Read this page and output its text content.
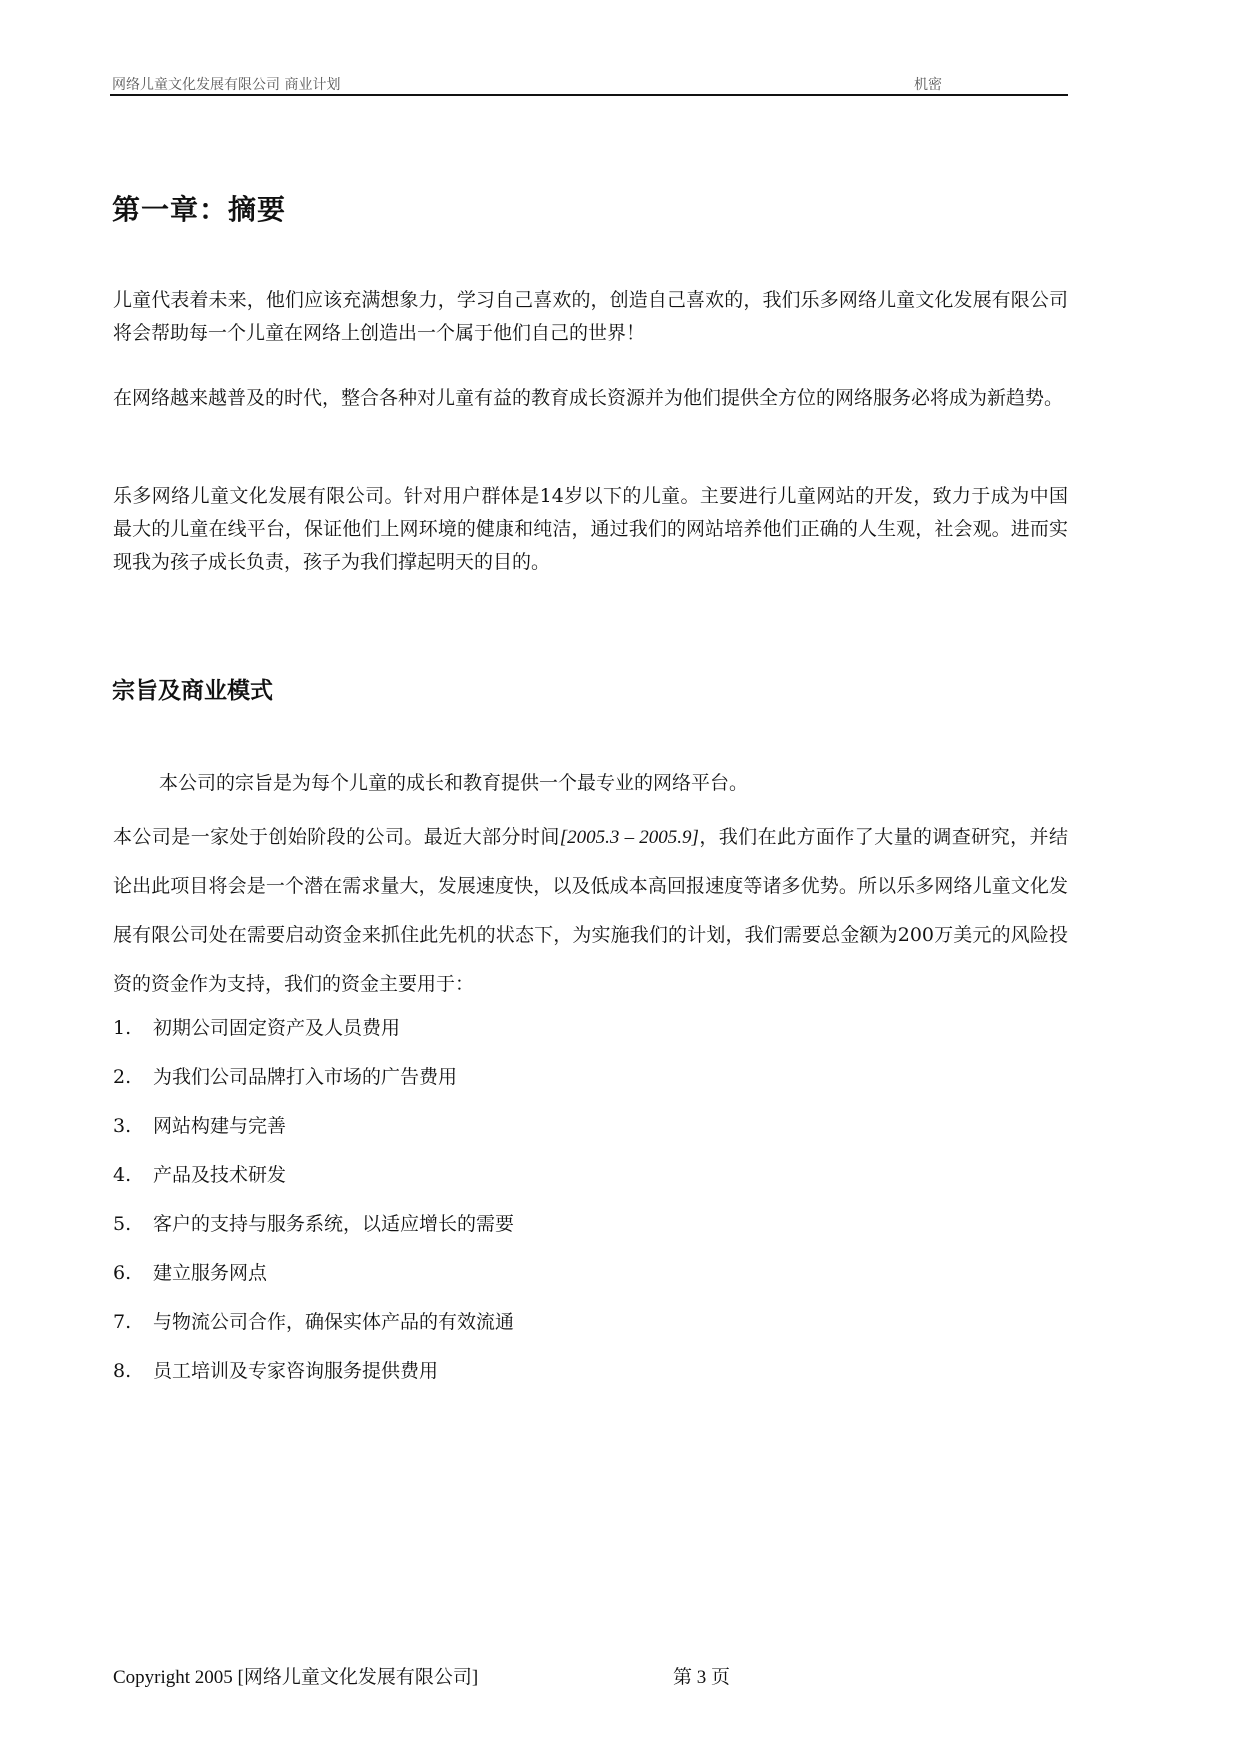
网络儿童文化发展有限公司 商业计划	机密
第一章：摘要
儿童代表着未来，他们应该充满想象力，学习自己喜欢的，创造自己喜欢的，我们乐多网络儿童文化发展有限公司将会帮助每一个儿童在网络上创造出一个属于他们自己的世界！
在网络越来越普及的时代，整合各种对儿童有益的教育成长资源并为他们提供全方位的网络服务必将成为新趋势。
乐多网络儿童文化发展有限公司。针对用户群体是14岁以下的儿童。主要进行儿童网站的开发，致力于成为中国最大的儿童在线平台，保证他们上网环境的健康和纯洁，通过我们的网站培养他们正确的人生观，社会观。进而实现我为孩子成长负责，孩子为我们撑起明天的目的。
宗旨及商业模式
本公司的宗旨是为每个儿童的成长和教育提供一个最专业的网络平台。
本公司是一家处于创始阶段的公司。最近大部分时间[2005.3 – 2005.9]，我们在此方面作了大量的调查研究，并结论出此项目将会是一个潜在需求量大，发展速度快，以及低成本高回报速度等诸多优势。所以乐多网络儿童文化发展有限公司处在需要启动资金来抓住此先机的状态下，为实施我们的计划，我们需要总金额为200万美元的风险投资的资金作为支持，我们的资金主要用于：
1.	初期公司固定资产及人员费用
2.	为我们公司品牌打入市场的广告费用
3.	网站构建与完善
4.	产品及技术研发
5.	客户的支持与服务系统，以适应增长的需要
6.	建立服务网点
7.	与物流公司合作，确保实体产品的有效流通
8.	员工培训及专家咨询服务提供费用
Copyright 2005 [网络儿童文化发展有限公司]	第 3 页
